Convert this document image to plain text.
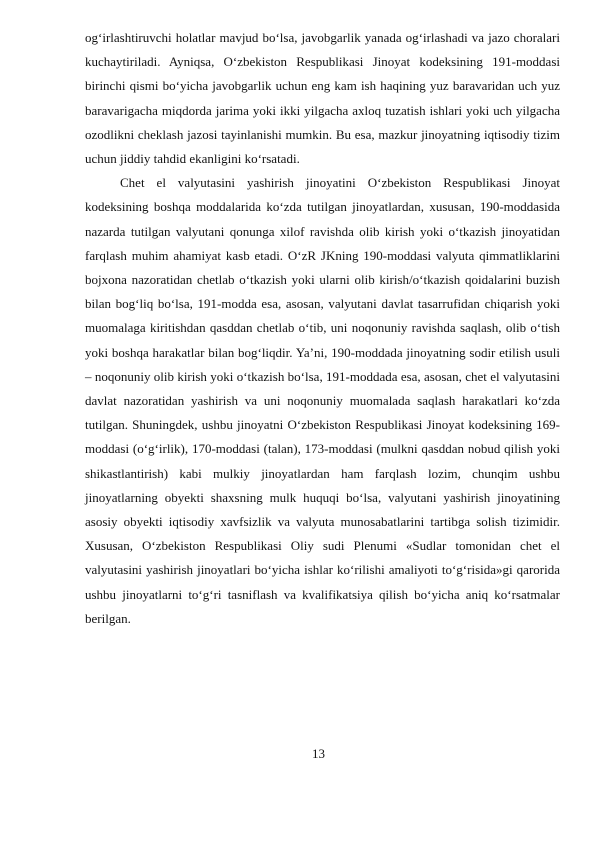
og‘irlashtiruvchi holatlar mavjud bo‘lsa, javobgarlik yanada og‘irlashadi va jazo choralari kuchaytiriladi. Ayniqsa, O‘zbekiston Respublikasi Jinoyat kodeksining 191-moddasi birinchi qismi bo‘yicha javobgarlik uchun eng kam ish haqining yuz baravaridan uch yuz baravarigacha miqdorda jarima yoki ikki yilgacha axloq tuzatish ishlari yoki uch yilgacha ozodlikni cheklash jazosi tayinlanishi mumkin. Bu esa, mazkur jinoyatning iqtisodiy tizim uchun jiddiy tahdid ekanligini ko‘rsatadi.

Chet el valyutasini yashirish jinoyatini O‘zbekiston Respublikasi Jinoyat kodeksining boshqa moddalarida ko‘zda tutilgan jinoyatlardan, xususan, 190-moddasida nazarda tutilgan valyutani qonunga xilof ravishda olib kirish yoki o‘tkazish jinoyatidan farqlash muhim ahamiyat kasb etadi. O‘zR JKning 190-moddasi valyuta qimmatliklarini bojxona nazoratidan chetlab o‘tkazish yoki ularni olib kirish/o‘tkazish qoidalarini buzish bilan bog‘liq bo‘lsa, 191-modda esa, asosan, valyutani davlat tasarrufidan chiqarish yoki muomalaga kiritishdan qasddan chetlab o‘tib, uni noqonuniy ravishda saqlash, olib o‘tish yoki boshqa harakatlar bilan bog‘liqdir. Ya’ni, 190-moddada jinoyatning sodir etilish usuli – noqonuniy olib kirish yoki o‘tkazish bo‘lsa, 191-moddada esa, asosan, chet el valyutasini davlat nazoratidan yashirish va uni noqonuniy muomalada saqlash harakatlari ko‘zda tutilgan. Shuningdek, ushbu jinoyatni O‘zbekiston Respublikasi Jinoyat kodeksining 169-moddasi (o‘g‘irlik), 170-moddasi (talan), 173-moddasi (mulkni qasddan nobud qilish yoki shikastlantirish) kabi mulkiy jinoyatlardan ham farqlash lozim, chunqim ushbu jinoyatlarning obyekti shaxsning mulk huquqi bo‘lsa, valyutani yashirish jinoyatining asosiy obyekti iqtisodiy xavfsizlik va valyuta munosabatlarini tartibga solish tizimidir. Xususan, O‘zbekiston Respublikasi Oliy sudi Plenumi «Sudlar tomonidan chet el valyutasini yashirish jinoyatlari bo‘yicha ishlar ko‘rilishi amaliyoti to‘g‘risida»gi qarorida ushbu jinoyatlarni to‘g‘ri tasniflash va kvalifikatsiya qilish bo‘yicha aniq ko‘rsatmalar berilgan.

13
